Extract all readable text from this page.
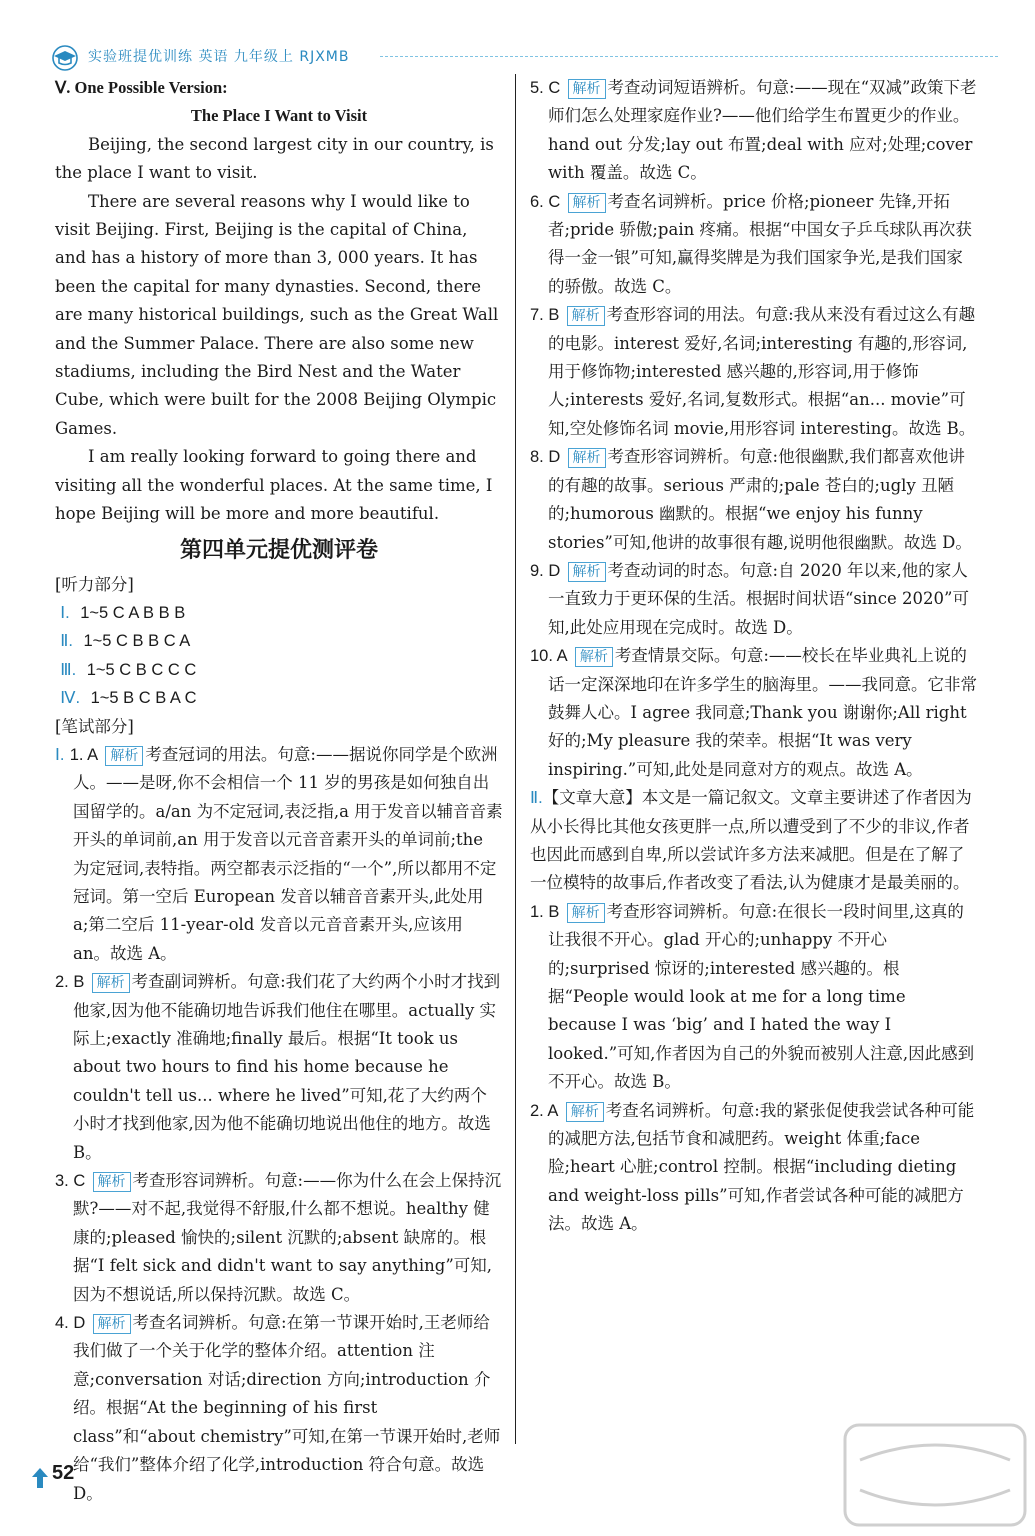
实验班提优训练 英语 九年级上 RJXMB

Ⅴ. One Possible Version:

The Place I Want to Visit

Beijing, the second largest city in our country, is the place I want to visit.

There are several reasons why I would like to visit Beijing. First, Beijing is the capital of China, and has a history of more than 3, 000 years. It has been the capital for many dynasties. Second, there are many historical buildings, such as the Great Wall and the Summer Palace. There are also some new stadiums, including the Bird Nest and the Water Cube, which were built for the 2008 Beijing Olympic Games.

I am really looking forward to going there and visiting all the wonderful places. At the same time, I hope Beijing will be more and more beautiful.

第四单元提优测评卷

[听力部分]

Ⅰ. 1~5 C A B B B

Ⅱ. 1~5 C B B C A

Ⅲ. 1~5 C B C C C

Ⅳ. 1~5 B C B A C

[笔试部分]

Ⅰ. 1. A 解析 考查冠词的用法。句意:——据说你同学是个欧洲人。——是呀,你不会相信一个 11 岁的男孩是如何独自出国留学的。a/an 为不定冠词,表泛指,a 用于发音以辅音音素开头的单词前,an 用于发音以元音音素开头的单词前;the 为定冠词,表特指。两空都表示泛指的“一个”,所以都用不定冠词。第一空后 European 发音以辅音音素开头,此处用 a;第二空后 11-year-old 发音以元音音素开头,应该用 an。故选 A。

2. B 解析 考查副词辨析。句意:我们花了大约两个小时才找到他家,因为他不能确切地告诉我们他住在哪里。actually 实际上;exactly 准确地;finally 最后。根据“It took us about two hours to find his home because he couldn't tell us... where he lived”可知,花了大约两个小时才找到他家,因为他不能确切地说出他住的地方。故选 B。

3. C 解析 考查形容词辨析。句意:——你为什么在会上保持沉默?——对不起,我觉得不舒服,什么都不想说。healthy 健康的;pleased 愉快的;silent 沉默的;absent 缺席的。根据“I felt sick and didn't want to say anything”可知,因为不想说话,所以保持沉默。故选 C。

4. D 解析 考查名词辨析。句意:在第一节课开始时,王老师给我们做了一个关于化学的整体介绍。attention 注意;conversation 对话;direction 方向;introduction 介绍。根据“At the beginning of his first class”和“about chemistry”可知,在第一节课开始时,老师给“我们”整体介绍了化学,introduction 符合句意。故选 D。

5. C 解析 考查动词短语辨析。句意:——现在“双减”政策下老师们怎么处理家庭作业?——他们给学生布置更少的作业。hand out 分发;lay out 布置;deal with 应对;处理;cover with 覆盖。故选 C。

6. C 解析 考查名词辨析。price 价格;pioneer 先锋,开拓者;pride 骄傲;pain 疼痛。根据“中国女子乒乓球队再次获得一金一银”可知,赢得奖牌是为我们国家争光,是我们国家的骄傲。故选 C。

7. B 解析 考查形容词的用法。句意:我从来没有看过这么有趣的电影。interest 爱好,名词;interesting 有趣的,形容词,用于修饰物;interested 感兴趣的,形容词,用于修饰人;interests 爱好,名词,复数形式。根据“an... movie”可知,空处修饰名词 movie,用形容词 interesting。故选 B。

8. D 解析 考查形容词辨析。句意:他很幽默,我们都喜欢他讲的有趣的故事。serious 严肃的;pale 苍白的;ugly 丑陋的;humorous 幽默的。根据“we enjoy his funny stories”可知,他讲的故事很有趣,说明他很幽默。故选 D。

9. D 解析 考查动词的时态。句意:自 2020 年以来,他的家人一直致力于更环保的生活。根据时间状语“since 2020”可知,此处应用现在完成时。故选 D。

10. A 解析 考查情景交际。句意:——校长在毕业典礼上说的话一定深深地印在许多学生的脑海里。——我同意。它非常鼓舞人心。I agree 我同意;Thank you 谢谢你;All right 好的;My pleasure 我的荣幸。根据“It was very inspiring.”可知,此处是同意对方的观点。故选 A。

Ⅱ.【文章大意】本文是一篇记叙文。文章主要讲述了作者因为从小长得比其他女孩更胖一点,所以遭受到了不少的非议,作者也因此而感到自卑,所以尝试许多方法来减肥。但是在了解了一位模特的故事后,作者改变了看法,认为健康才是最美丽的。

1. B 解析 考查形容词辨析。句意:在很长一段时间里,这真的让我很不开心。glad 开心的;unhappy 不开心的;surprised 惊讶的;interested 感兴趣的。根据“People would look at me for a long time because I was ‘big’ and I hated the way I looked.”可知,作者因为自己的外貌而被别人注意,因此感到不开心。故选 B。

2. A 解析 考查名词辨析。句意:我的紧张促使我尝试各种可能的减肥方法,包括节食和减肥药。weight 体重;face 脸;heart 心脏;control 控制。根据“including dieting and weight-loss pills”可知,作者尝试各种可能的减肥方法。故选 A。

52
